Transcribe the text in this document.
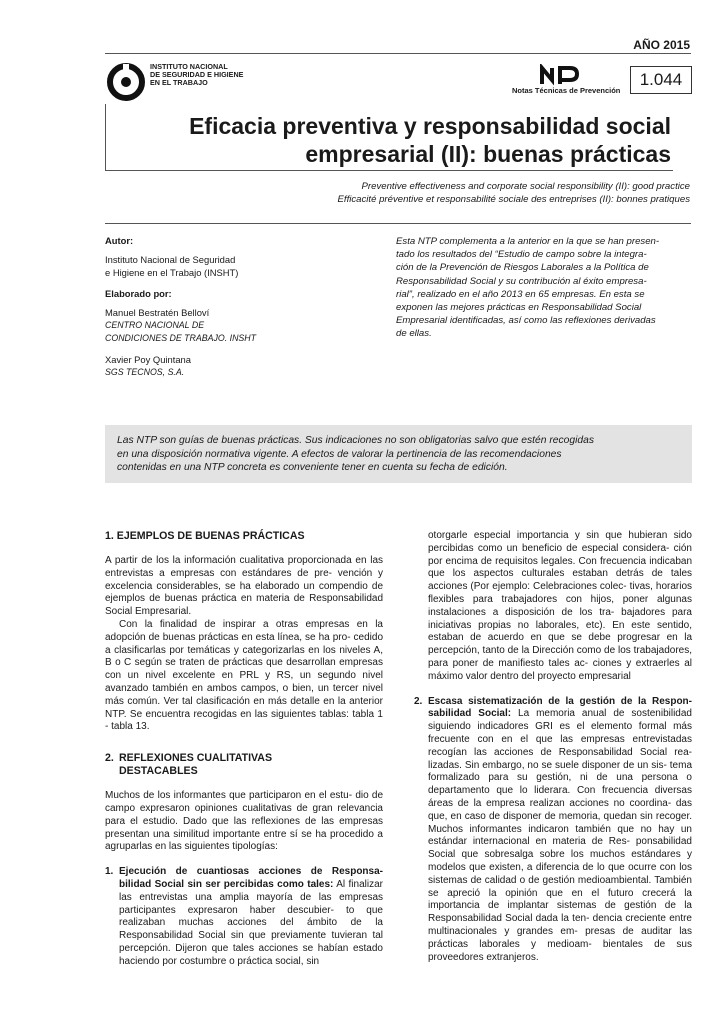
AÑO 2015
INSTITUTO NACIONAL
DE SEGURIDAD E HIGIENE
EN EL TRABAJO
Notas Técnicas de Prevención
1.044
Eficacia preventiva y responsabilidad social
empresarial (II): buenas prácticas
Preventive effectiveness and corporate social responsibility (II): good practice
Efficacité préventive et responsabilité sociale des entreprises (II): bonnes pratiques
Autor:
Instituto Nacional de Seguridad
e Higiene en el Trabajo (INSHT)
Elaborado por:
Manuel Bestratén Belloví
CENTRO NACIONAL DE
CONDICIONES DE TRABAJO. INSHT
Xavier Poy Quintana
SGS TECNOS, S.A.
Esta NTP complementa a la anterior en la que se han presen-
tado los resultados del “Estudio de campo sobre la integra-
ción de la Prevención de Riesgos Laborales a la Política de
Responsabilidad Social y su contribución al éxito empresa-
rial”, realizado en el año 2013 en 65 empresas. En esta se
exponen las mejores prácticas en Responsabilidad Social
Empresarial identificadas, así como las reflexiones derivadas
de ellas.
Las NTP son guías de buenas prácticas. Sus indicaciones no son obligatorias salvo que estén recogidas
en una disposición normativa vigente. A efectos de valorar la pertinencia de las recomendaciones
contenidas en una NTP concreta es conveniente tener en cuenta su fecha de edición.
1. EJEMPLOS DE BUENAS PRÁCTICAS

A partir de los la información cualitativa proporcionada en las entrevistas a empresas con estándares de pre- vención y excelencia considerables, se ha elaborado un compendio de ejemplos de buenas práctica en materia de Responsabilidad Social Empresarial.

Con la finalidad de inspirar a otras empresas en la adopción de buenas prácticas en esta línea, se ha pro- cedido a clasificarlas por temáticas y categorizarlas en los niveles A, B o C según se traten de prácticas que desarrollan empresas con un nivel excelente en PRL y RS, un segundo nivel avanzado también en ambos campos, o bien, un tercer nivel más común. Ver tal clasificación en más detalle en la anterior NTP. Se encuentra recogidas en las siguientes tablas: tabla 1 - tabla 13.

2. REFLEXIONES CUALITATIVAS
DESTACABLES

Muchos de los informantes que participaron en el estu- dio de campo expresaron opiniones cualitativas de gran relevancia para el estudio. Dado que las reflexiones de las empresas presentan una similitud importante entre sí se ha procedido a agruparlas en las siguientes tipologías:

1. Ejecución de cuantiosas acciones de Responsa- bilidad Social sin ser percibidas como tales: Al finalizar las entrevistas una amplia mayoría de las empresas participantes expresaron haber descubier- to que realizaban muchas acciones del ámbito de la Responsabilidad Social sin que previamente tuvieran tal percepción. Dijeron que tales acciones se habían estado haciendo por costumbre o práctica social, sin

otorgarle especial importancia y sin que hubieran sido percibidas como un beneficio de especial considera- ción por encima de requisitos legales. Con frecuencia indicaban que los aspectos culturales estaban detrás de tales acciones (Por ejemplo: Celebraciones colec- tivas, horarios flexibles para trabajadores con hijos, poner algunas instalaciones a disposición de los tra- bajadores para iniciativas propias no laborales, etc). En este sentido, estaban de acuerdo en que se debe progresar en la percepción, tanto de la Dirección como de los trabajadores, para poner de manifiesto tales ac- ciones y extraerles al máximo valor dentro del proyecto empresarial

2. Escasa sistematización de la gestión de la Respon- sabilidad Social: La memoria anual de sostenibilidad siguiendo indicadores GRI es el elemento formal más frecuente con en el que las empresas entrevistadas recogían las acciones de Responsabilidad Social rea- lizadas. Sin embargo, no se suele disponer de un sis- tema formalizado para su gestión, ni de una persona o departamento que lo liderara. Con frecuencia diversas áreas de la empresa realizan acciones no coordina- das que, en caso de disponer de memoria, quedan sin recoger. Muchos informantes indicaron también que no hay un estándar internacional en materia de Res- ponsabilidad Social que sobresalga sobre los muchos estándares y modelos que existen, a diferencia de lo que ocurre con los sistemas de calidad o de gestión medioambiental. También se apreció la opinión que en el futuro crecerá la importancia de implantar sistemas de gestión de la Responsabilidad Social dada la ten- dencia creciente entre multinacionales y grandes em- presas de auditar las prácticas laborales y medioam- bientales de sus proveedores extranjeros.
